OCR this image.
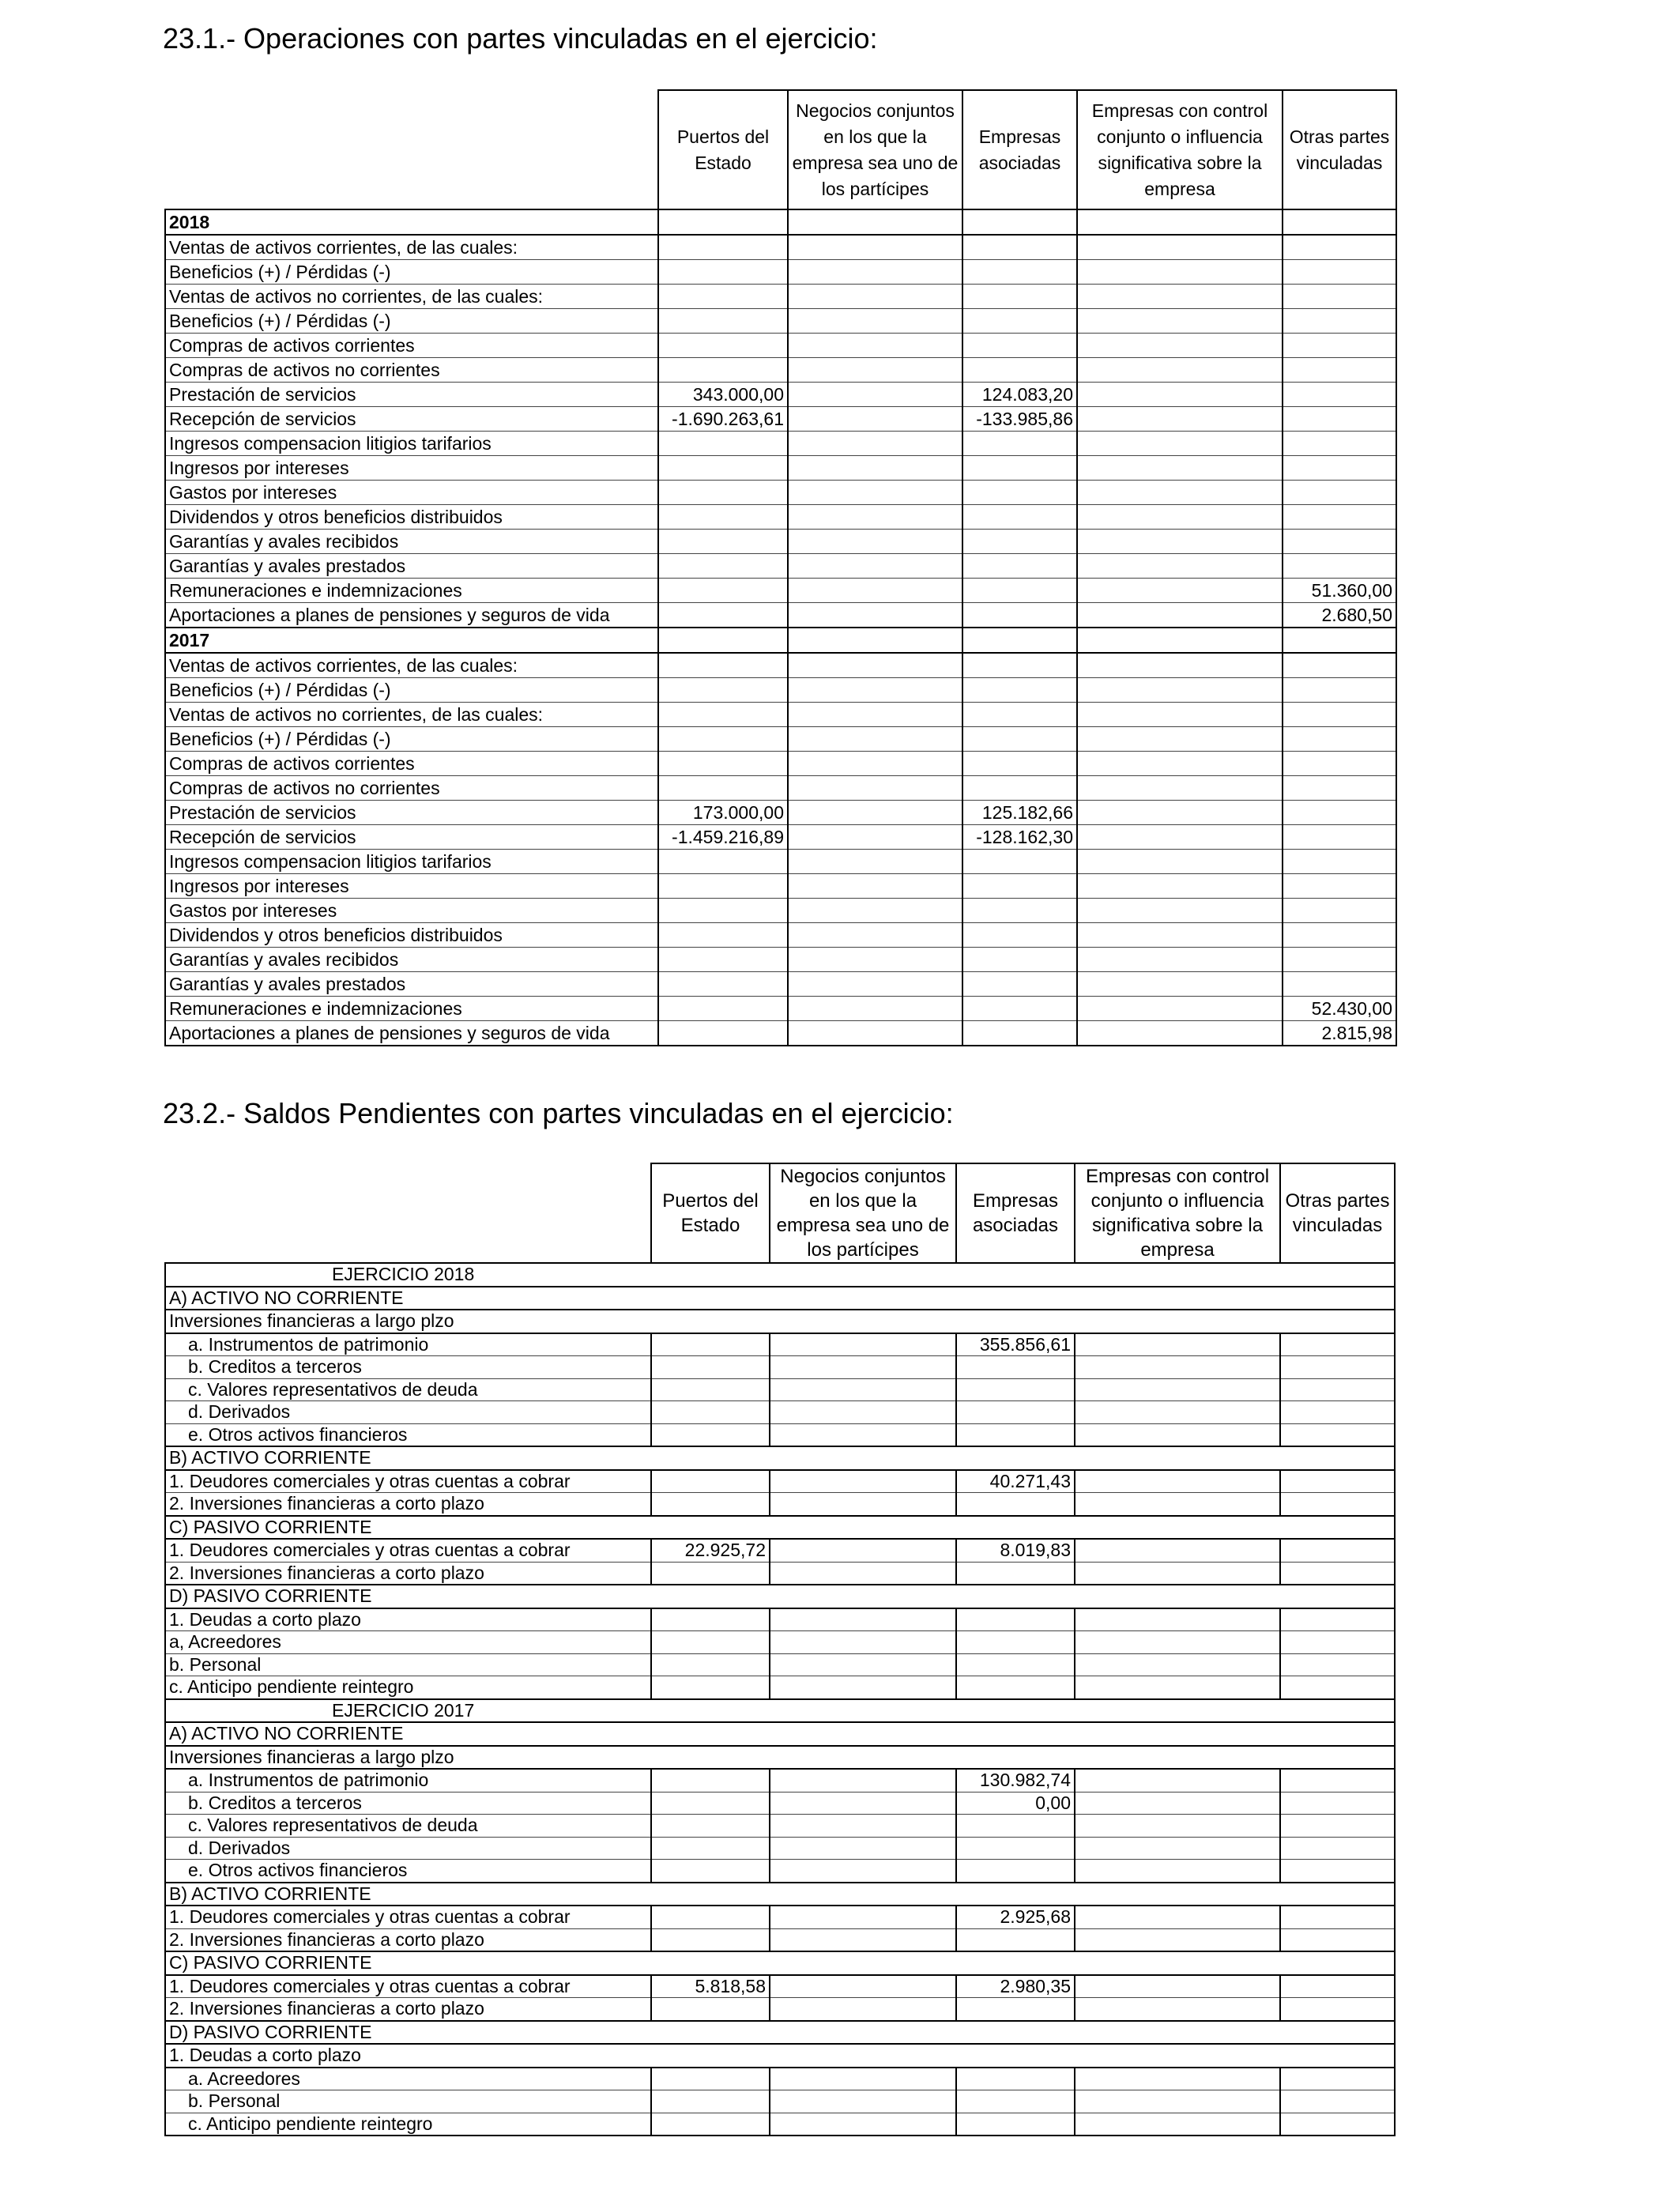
23.1.- Operaciones con partes vinculadas en el ejercicio:
	Puertos del Estado	Negocios conjuntos en los que la empresa sea uno de los partícipes	Empresas asociadas	Empresas con control conjunto o influencia significativa sobre la empresa	Otras partes vinculadas
2018					
Ventas de activos corrientes, de las cuales:					
Beneficios (+) / Pérdidas (-)					
Ventas de activos no corrientes, de las cuales:					
Beneficios (+) / Pérdidas (-)					
Compras de activos corrientes					
Compras de activos no corrientes					
Prestación de servicios	343.000,00		124.083,20		
Recepción de servicios	-1.690.263,61		-133.985,86		
Ingresos compensacion litigios tarifarios					
Ingresos por intereses					
Gastos por intereses					
Dividendos y otros beneficios distribuidos					
Garantías y avales recibidos					
Garantías y avales prestados					
Remuneraciones e indemnizaciones					51.360,00
Aportaciones a planes de pensiones y seguros de vida					2.680,50
2017					
Ventas de activos corrientes, de las cuales:					
Beneficios (+) / Pérdidas (-)					
Ventas de activos no corrientes, de las cuales:					
Beneficios (+) / Pérdidas (-)					
Compras de activos corrientes					
Compras de activos no corrientes					
Prestación de servicios	173.000,00		125.182,66		
Recepción de servicios	-1.459.216,89		-128.162,30		
Ingresos compensacion litigios tarifarios					
Ingresos por intereses					
Gastos por intereses					
Dividendos y otros beneficios distribuidos					
Garantías y avales recibidos					
Garantías y avales prestados					
Remuneraciones e indemnizaciones					52.430,00
Aportaciones a planes de pensiones y seguros de vida					2.815,98
23.2.- Saldos Pendientes con partes vinculadas en el ejercicio:
	Puertos del Estado	Negocios conjuntos en los que la empresa sea uno de los partícipes	Empresas asociadas	Empresas con control conjunto o influencia significativa sobre la empresa	Otras partes vinculadas
EJERCICIO 2018					
A) ACTIVO NO CORRIENTE					
Inversiones financieras a largo plzo					
a. Instrumentos de patrimonio			355.856,61		
b. Creditos a terceros					
c. Valores representativos de deuda					
d. Derivados					
e. Otros activos financieros					
B) ACTIVO CORRIENTE					
1. Deudores comerciales y otras cuentas a cobrar			40.271,43		
2. Inversiones financieras a corto plazo					
C) PASIVO CORRIENTE					
1. Deudores comerciales y otras cuentas a cobrar	22.925,72		8.019,83		
2. Inversiones financieras a corto plazo					
D) PASIVO CORRIENTE					
1. Deudas a corto plazo					
a, Acreedores					
b. Personal					
c. Anticipo pendiente reintegro					
EJERCICIO 2017					
A) ACTIVO NO CORRIENTE					
Inversiones financieras a largo plzo					
a. Instrumentos de patrimonio			130.982,74		
b. Creditos a terceros			0,00		
c. Valores representativos de deuda					
d. Derivados					
e. Otros activos financieros					
B) ACTIVO CORRIENTE					
1. Deudores comerciales y otras cuentas a cobrar			2.925,68		
2. Inversiones financieras a corto plazo					
C) PASIVO CORRIENTE					
1. Deudores comerciales y otras cuentas a cobrar	5.818,58		2.980,35		
2. Inversiones financieras a corto plazo					
D) PASIVO CORRIENTE					
1. Deudas a corto plazo					
a. Acreedores					
b. Personal					
c. Anticipo pendiente reintegro					
